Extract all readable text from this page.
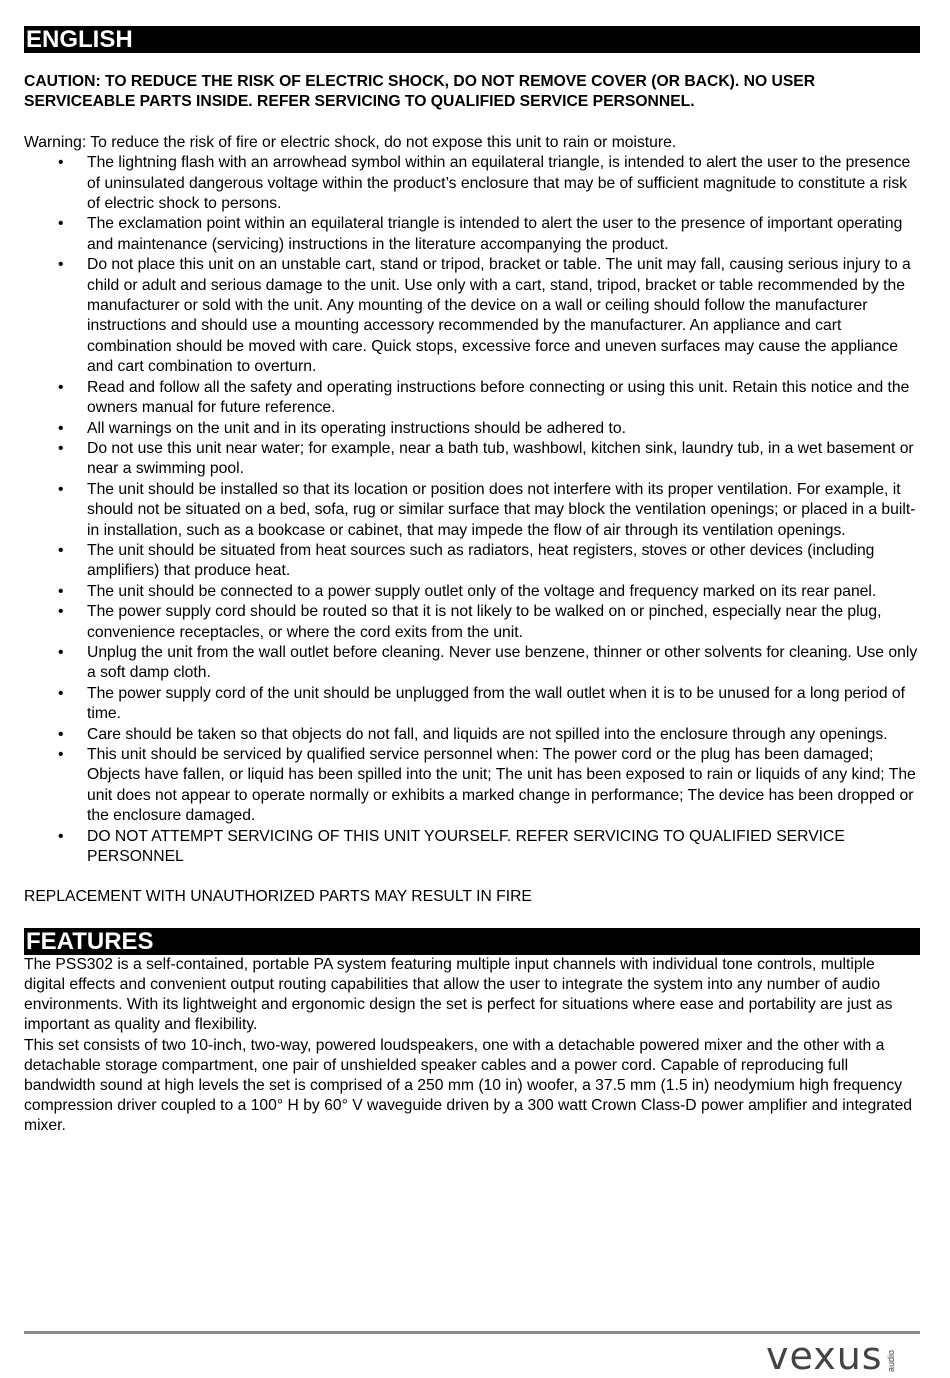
ENGLISH
CAUTION: TO REDUCE THE RISK OF ELECTRIC SHOCK, DO NOT REMOVE COVER (OR BACK). NO USER SERVICEABLE PARTS INSIDE. REFER SERVICING TO QUALIFIED SERVICE PERSONNEL.
Warning: To reduce the risk of fire or electric shock, do not expose this unit to rain or moisture.
• The lightning flash with an arrowhead symbol within an equilateral triangle, is intended to alert the user to the presence of uninsulated dangerous voltage within the product’s enclosure that may be of sufficient magnitude to constitute a risk of electric shock to persons.
• The exclamation point within an equilateral triangle is intended to alert the user to the presence of important operating and maintenance (servicing) instructions in the literature accompanying the product.
• Do not place this unit on an unstable cart, stand or tripod, bracket or table. The unit may fall, causing serious injury to a child or adult and serious damage to the unit. Use only with a cart, stand, tripod, bracket or table recommended by the manufacturer or sold with the unit. Any mounting of the device on a wall or ceiling should follow the manufacturer instructions and should use a mounting accessory recommended by the manufacturer. An appliance and cart combination should be moved with care. Quick stops, excessive force and uneven surfaces may cause the appliance and cart combination to overturn.
• Read and follow all the safety and operating instructions before connecting or using this unit. Retain this notice and the owners manual for future reference.
• All warnings on the unit and in its operating instructions should be adhered to.
• Do not use this unit near water; for example, near a bath tub, washbowl, kitchen sink, laundry tub, in a wet basement or near a swimming pool.
• The unit should be installed so that its location or position does not interfere with its proper ventilation. For example, it should not be situated on a bed, sofa, rug or similar surface that may block the ventilation openings; or placed in a built-in installation, such as a bookcase or cabinet, that may impede the flow of air through its ventilation openings.
• The unit should be situated from heat sources such as radiators, heat registers, stoves or other devices (including amplifiers) that produce heat.
• The unit should be connected to a power supply outlet only of the voltage and frequency marked on its rear panel.
• The power supply cord should be routed so that it is not likely to be walked on or pinched, especially near the plug, convenience receptacles, or where the cord exits from the unit.
• Unplug the unit from the wall outlet before cleaning. Never use benzene, thinner or other solvents for cleaning. Use only a soft damp cloth.
• The power supply cord of the unit should be unplugged from the wall outlet when it is to be unused for a long period of time.
• Care should be taken so that objects do not fall, and liquids are not spilled into the enclosure through any openings.
• This unit should be serviced by qualified service personnel when: The power cord or the plug has been damaged; Objects have fallen, or liquid has been spilled into the unit; The unit has been exposed to rain or liquids of any kind; The unit does not appear to operate normally or exhibits a marked change in performance; The device has been dropped or the enclosure damaged.
• DO NOT ATTEMPT SERVICING OF THIS UNIT YOURSELF. REFER SERVICING TO QUALIFIED SERVICE PERSONNEL
REPLACEMENT WITH UNAUTHORIZED PARTS MAY RESULT IN FIRE
FEATURES
The PSS302 is a self-contained, portable PA system featuring multiple input channels with individual tone controls, multiple digital effects and convenient output routing capabilities that allow the user to integrate the system into any number of audio environments. With its lightweight and ergonomic design the set is perfect for situations where ease and portability are just as important as quality and flexibility.
This set consists of two 10-inch, two-way, powered loudspeakers, one with a detachable powered mixer and the other with a detachable storage compartment, one pair of unshielded speaker cables and a power cord. Capable of reproducing full bandwidth sound at high levels the set is comprised of a 250 mm (10 in) woofer, a 37.5 mm (1.5 in) neodymium high frequency compression driver coupled to a 100° H by 60° V waveguide driven by a 300 watt Crown Class-D power amplifier and integrated mixer.
vexus audio
